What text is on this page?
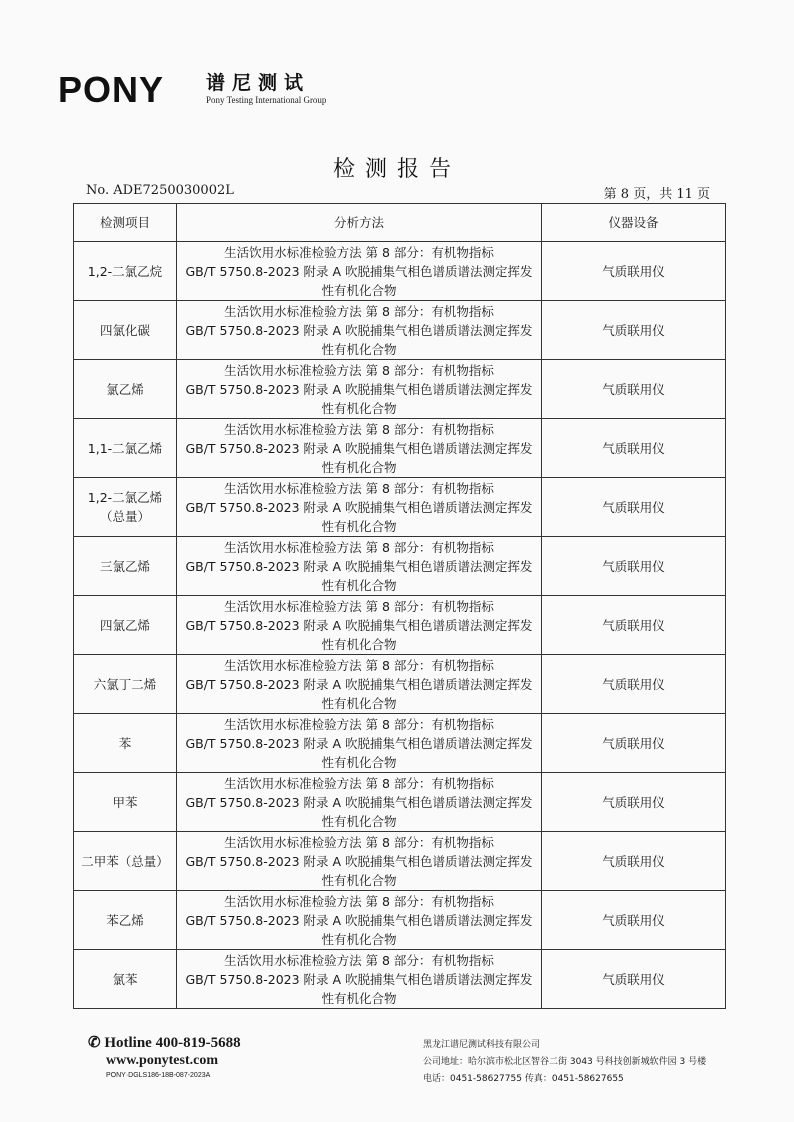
PONY 谱尼测试
Pony Testing International Group
检测报告
No. ADE7250030002L	第 8 页，共 11 页
检测项目	分析方法	仪器设备
1,2-二氯乙烷	生活饮用水标准检验方法 第 8 部分：有机物指标
GB/T 5750.8-2023 附录 A 吹脱捕集气相色谱质谱法测定挥发
性有机化合物	气质联用仪
四氯化碳	生活饮用水标准检验方法 第 8 部分：有机物指标
GB/T 5750.8-2023 附录 A 吹脱捕集气相色谱质谱法测定挥发
性有机化合物	气质联用仪
氯乙烯	生活饮用水标准检验方法 第 8 部分：有机物指标
GB/T 5750.8-2023 附录 A 吹脱捕集气相色谱质谱法测定挥发
性有机化合物	气质联用仪
1,1-二氯乙烯	生活饮用水标准检验方法 第 8 部分：有机物指标
GB/T 5750.8-2023 附录 A 吹脱捕集气相色谱质谱法测定挥发
性有机化合物	气质联用仪
1,2-二氯乙烯（总量）	生活饮用水标准检验方法 第 8 部分：有机物指标
GB/T 5750.8-2023 附录 A 吹脱捕集气相色谱质谱法测定挥发
性有机化合物	气质联用仪
三氯乙烯	生活饮用水标准检验方法 第 8 部分：有机物指标
GB/T 5750.8-2023 附录 A 吹脱捕集气相色谱质谱法测定挥发
性有机化合物	气质联用仪
四氯乙烯	生活饮用水标准检验方法 第 8 部分：有机物指标
GB/T 5750.8-2023 附录 A 吹脱捕集气相色谱质谱法测定挥发
性有机化合物	气质联用仪
六氯丁二烯	生活饮用水标准检验方法 第 8 部分：有机物指标
GB/T 5750.8-2023 附录 A 吹脱捕集气相色谱质谱法测定挥发
性有机化合物	气质联用仪
苯	生活饮用水标准检验方法 第 8 部分：有机物指标
GB/T 5750.8-2023 附录 A 吹脱捕集气相色谱质谱法测定挥发
性有机化合物	气质联用仪
甲苯	生活饮用水标准检验方法 第 8 部分：有机物指标
GB/T 5750.8-2023 附录 A 吹脱捕集气相色谱质谱法测定挥发
性有机化合物	气质联用仪
二甲苯（总量）	生活饮用水标准检验方法 第 8 部分：有机物指标
GB/T 5750.8-2023 附录 A 吹脱捕集气相色谱质谱法测定挥发
性有机化合物	气质联用仪
苯乙烯	生活饮用水标准检验方法 第 8 部分：有机物指标
GB/T 5750.8-2023 附录 A 吹脱捕集气相色谱质谱法测定挥发
性有机化合物	气质联用仪
氯苯	生活饮用水标准检验方法 第 8 部分：有机物指标
GB/T 5750.8-2023 附录 A 吹脱捕集气相色谱质谱法测定挥发
性有机化合物	气质联用仪
✆ Hotline 400-819-5688
www.ponytest.com
PONY·DGLS186-18B-087-2023A
黑龙江谱尼测试科技有限公司
公司地址：哈尔滨市松北区智谷二街 3043 号科技创新城软件园 3 号楼
电话：0451-58627755 传真：0451-58627655
